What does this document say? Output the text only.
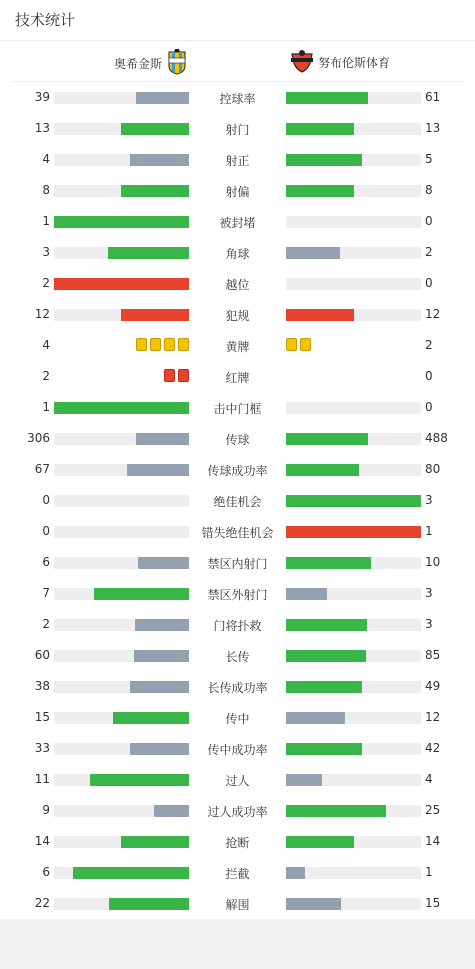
技术统计
奥希金斯	努布伦斯体育
39	控球率	61
13	射门	13
4	射正	5
8	射偏	8
1	被封堵	0
3	角球	2
2	越位	0
12	犯规	12
4	黄牌	2
2	红牌	0
1	击中门框	0
306	传球	488
67	传球成功率	80
0	绝佳机会	3
0	错失绝佳机会	1
6	禁区内射门	10
7	禁区外射门	3
2	门将扑救	3
60	长传	85
38	长传成功率	49
15	传中	12
33	传中成功率	42
11	过人	4
9	过人成功率	25
14	抢断	14
6	拦截	1
22	解围	15
